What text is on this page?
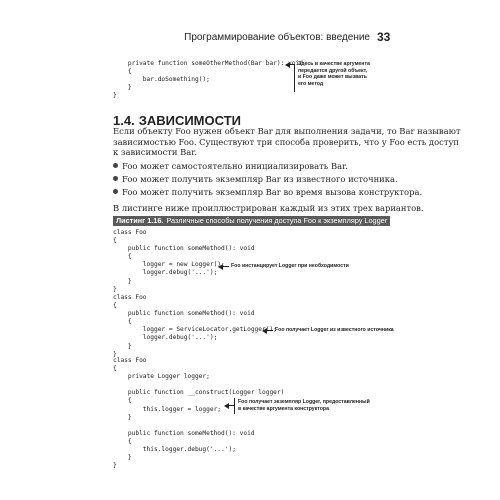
Программирование объектов: введение 33
private function someOtherMethod(Bar bar): void
{
bar.doSomething();
}
}
Здесь в качестве аргумента
передается другой объект,
и Foo даже может вызвать
его метод
1.4. ЗАВИСИМОСТИ
Если объекту Foo нужен объект Bar для выполнения задачи, то Bar называют
зависимостью Foo. Существуют три способа проверить, что у Foo есть доступ
к зависимости Bar.
Foo может самостоятельно инициализировать Bar.
Foo может получить экземпляр Bar из известного источника.
Foo может получить экземпляр Bar во время вызова конструктора.
В листинге ниже проиллюстрирован каждый из этих трех вариантов.
Листинг 1.16. Различные способы получения доступа Foo к экземпляру Logger
class Foo
{
public function someMethod(): void
{
logger = new Logger();
logger.debug('...');
}
}
Foo инстанцирует Logger при необходимости
class Foo
{
public function someMethod(): void
{
logger = ServiceLocator.getLogger();
logger.debug('...');
}
}
Foo получает Logger из известного источника
class Foo
{
private Logger logger;
public function __construct(Logger logger)
{
this.logger = logger;
}
public function someMethod(): void
{
this.logger.debug('...');
}
}
Foo получает экземпляр Logger, предоставленный
в качестве аргумента конструктора
